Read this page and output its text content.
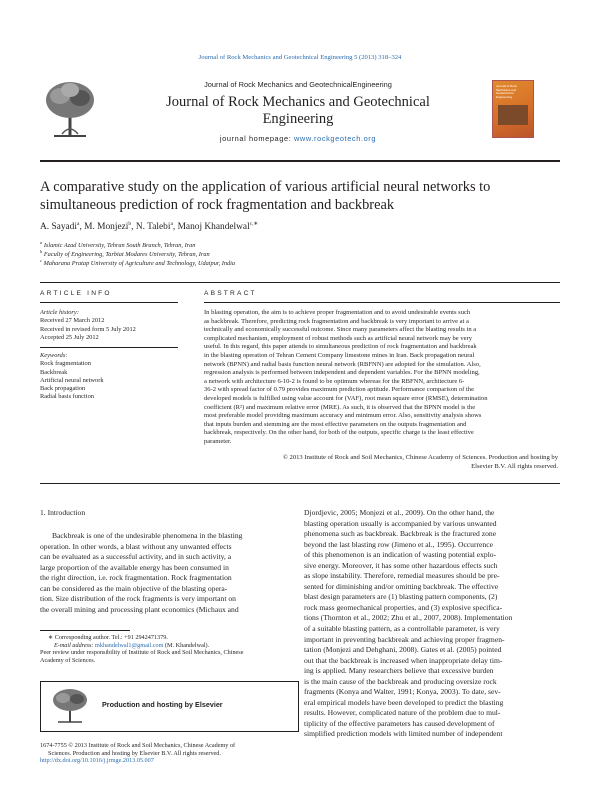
Journal of Rock Mechanics and Geotechnical Engineering 5 (2013) 318–324
Journal of Rock Mechanics and GeotechnicalEngineering
Journal of Rock Mechanics and Geotechnical
Engineering
journal homepage: www.rockgeotech.org
Journal of Rock Mechanics and Geotechnical Engineering
A comparative study on the application of various artificial neural networks to
simultaneous prediction of rock fragmentation and backbreak
A. Sayadi$^a$, M. Monjezi$^b$, N. Talebi$^a$, Manoj Khandelwal$^{c,∗}$
$^a$ Islamic Azad University, Tehran South Branch, Tehran, Iran
$^b$ Faculty of Engineering, Tarbiat Modares University, Tehran, Iran
$^c$ Maharana Pratap University of Agriculture and Technology, Udaipur, India
ARTICLE INFO
Article history:
Received 27 March 2012
Received in revised form 5 July 2012
Accepted 25 July 2012
Keywords:
Rock fragmentation
Backbreak
Artificial neural network
Back propagation
Radial basis function
ABSTRACT
In blasting operation, the aim is to achieve proper fragmentation and to avoid undesirable events such
as backbreak. Therefore, predicting rock fragmentation and backbreak is very important to arrive at a
technically and economically successful outcome. Since many parameters affect the blasting results in a
complicated mechanism, employment of robust methods such as artificial neural network may be very
useful. In this regard, this paper attends to simultaneous prediction of rock fragmentation and backbreak
in the blasting operation of Tehran Cement Company limestone mines in Iran. Back propagation neural
network (BPNN) and radial basis function neural network (RBFNN) are adopted for the simulation. Also,
regression analysis is performed between independent and dependent variables. For the BPNN modeling,
a network with architecture 6-10-2 is found to be optimum whereas for the RBFNN, architecture 6-
36-2 with spread factor of 0.79 provides maximum prediction aptitude. Performance comparison of the
developed models is fulfilled using value account for (VAF), root mean square error (RMSE), determination
coefficient (R²) and maximum relative error (MRE). As such, it is observed that the BPNN model is the
most preferable model providing maximum accuracy and minimum error. Also, sensitivity analysis shows
that inputs burden and stemming are the most effective parameters on the outputs fragmentation and
backbreak, respectively. On the other hand, for both of the outputs, specific charge is the least effective
parameter.
© 2013 Institute of Rock and Soil Mechanics, Chinese Academy of Sciences. Production and hosting by
Elsevier B.V. All rights reserved.
1. Introduction
Backbreak is one of the undesirable phenomena in the blasting
operation. In other words, a blast without any unwanted effects
can be evaluated as a successful activity, and in such activity, a
large proportion of the available energy has been consumed in
the right direction, i.e. rock fragmentation. Rock fragmentation
can be considered as the main objective of the blasting opera-
tion. Size distribution of the rock fragments is very important on
the overall mining and processing plant economics (Michaux and
Djordjevic, 2005; Monjezi et al., 2009). On the other hand, the
blasting operation usually is accompanied by various unwanted
phenomena such as backbreak. Backbreak is the fractured zone
beyond the last blasting row (Jimeno et al., 1995). Occurrence
of this phenomenon is an indication of wasting potential explo-
sive energy. Moreover, it has some other hazardous effects such
as slope instability. Therefore, remedial measures should be pre-
sented for diminishing and/or omitting backbreak. The effective
blast design parameters are (1) blasting pattern components, (2)
rock mass geomechanical properties, and (3) explosive specifica-
tions (Thornton et al., 2002; Zhu et al., 2007, 2008). Implementation
of a suitable blasting pattern, as a controllable parameter, is very
important in preventing backbreak and achieving proper fragmen-
tation (Monjezi and Dehghani, 2008). Gates et al. (2005) pointed
out that the backbreak is increased when inappropriate delay tim-
ing is applied. Many researchers believe that excessive burden
is the main cause of the backbreak and producing oversize rock
fragments (Konya and Walter, 1991; Konya, 2003). To date, sev-
eral empirical models have been developed to predict the blasting
results. However, complicated nature of the problem due to mul-
tiplicity of the effective parameters has caused development of
simplified prediction models with limited number of independent
∗ Corresponding author. Tel.: +91 2942471379.
E-mail address: mkhandelwal1@gmail.com (M. Khandelwal).
Peer review under responsibility of Institute of Rock and Soil Mechanics, Chinese
Academy of Sciences.
Production and hosting by Elsevier
1674-7755 © 2013 Institute of Rock and Soil Mechanics, Chinese Academy of
Sciences. Production and hosting by Elsevier B.V. All rights reserved.
http://dx.doi.org/10.1016/j.jrmge.2013.05.007
